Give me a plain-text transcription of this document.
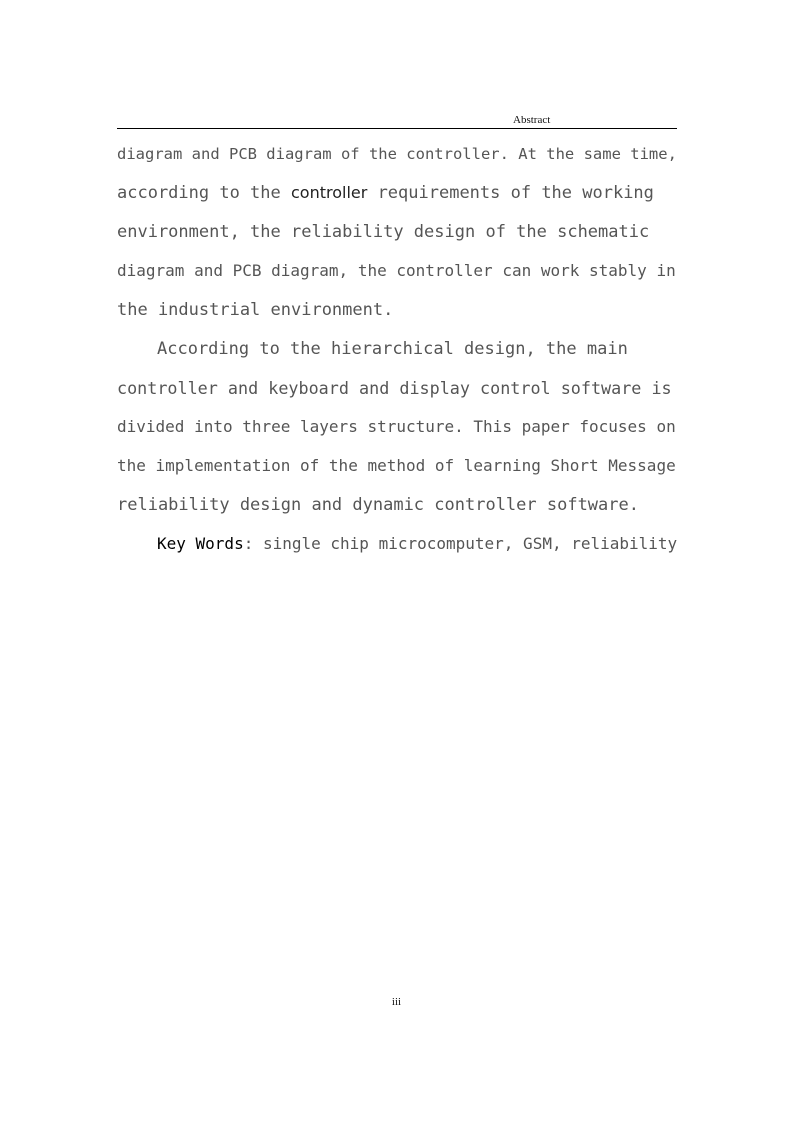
Abstract
diagram and PCB diagram of the controller. At the same time,
according to the controller requirements of the working
environment, the reliability design of the schematic
diagram and PCB diagram, the controller can work stably in
the industrial environment.
According to the hierarchical design, the main
controller and keyboard and display control software is
divided into three layers structure. This paper focuses on
the implementation of the method of learning Short Message
reliability design and dynamic controller software.
Key Words: single chip microcomputer, GSM, reliability
iii
